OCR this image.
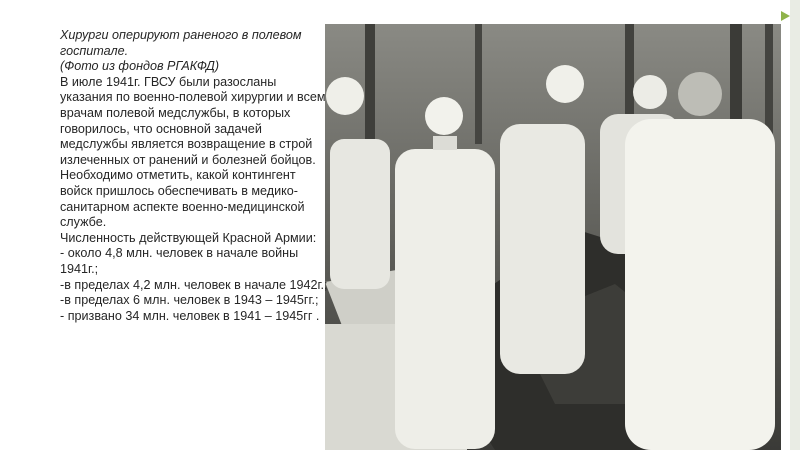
Хирурги оперируют раненого в полевом госпитале.
(Фото из фондов РГАКФД)

В июле 1941г. ГВСУ были разосланы указания по военно-полевой хирургии и всем врачам полевой медслужбы, в которых говорилось, что основной задачей медслужбы является возвращение в строй излеченных от ранений и болезней бойцов.

Необходимо отметить, какой контингент войск пришлось обеспечивать в медико-санитарном аспекте военно-медицинской службе.

Численность действующей Красной Армии:

- около 4,8 млн. человек в начале войны 1941г.;
-в пределах 4,2 млн. человек в начале 1942г.;
-в пределах 6 млн. человек в 1943 – 1945гг.;
- призвано 34 млн. человек в 1941 – 1945гг .
